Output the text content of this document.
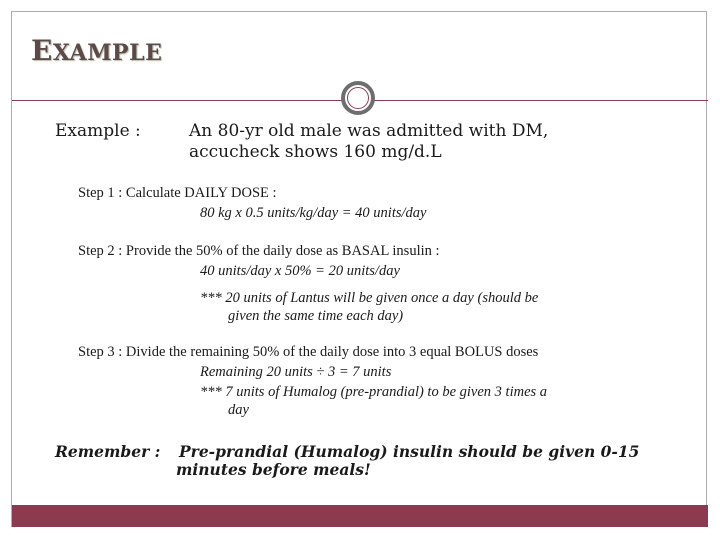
EXAMPLE
Example :	An 80-yr old male was admitted with DM,
accucheck shows 160 mg/d.L
Step 1 : Calculate DAILY DOSE :
80 kg x 0.5 units/kg/day = 40 units/day
Step 2 : Provide the 50% of the daily dose as BASAL insulin :
40 units/day x 50% = 20 units/day
*** 20 units of Lantus will be given once a day (should be
given the same time each day)
Step 3 : Divide the remaining 50% of the daily dose into 3 equal BOLUS doses
Remaining 20 units ÷ 3 = 7 units
*** 7 units of Humalog (pre-prandial) to be given 3 times a
day
Remember : Pre-prandial (Humalog) insulin should be given 0-15
minutes before meals!
